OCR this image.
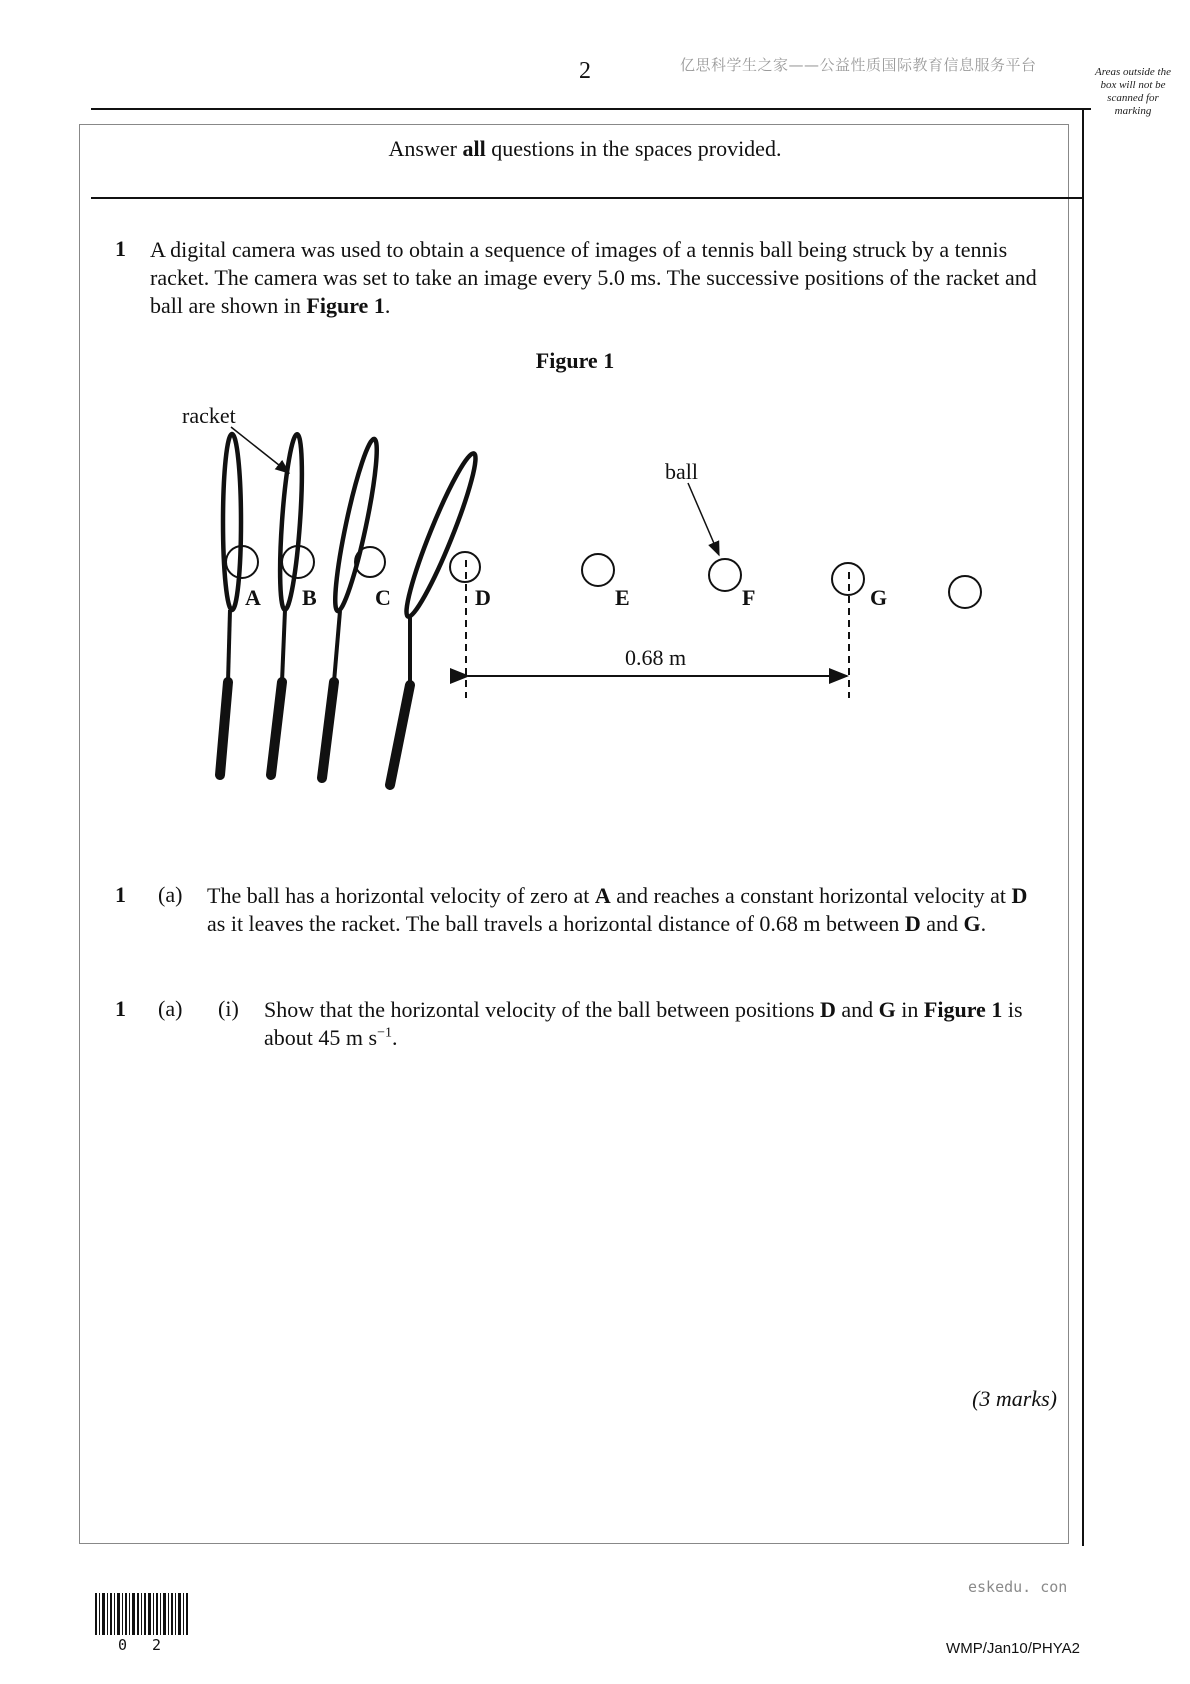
2	亿思科学生之家——公益性质国际教育信息服务平台	Areas outside the box will not be scanned for marking
Answer all questions in the spaces provided.
1 A digital camera was used to obtain a sequence of images of a tennis ball being struck by a tennis racket. The camera was set to take an image every 5.0 ms. The successive positions of the racket and ball are shown in Figure 1.
Figure 1
racket
ball
0.68 m
A B	C	D	E	F	G
1 (a) The ball has a horizontal velocity of zero at A and reaches a constant horizontal velocity at D as it leaves the racket. The ball travels a horizontal distance of 0.68 m between D and G.
1 (a) (i) Show that the horizontal velocity of the ball between positions D and G in Figure 1 is about 45 m $s^{-1}$.
(3 marks)
eskedu. con
0 2	WMP/Jan10/PHYA2
